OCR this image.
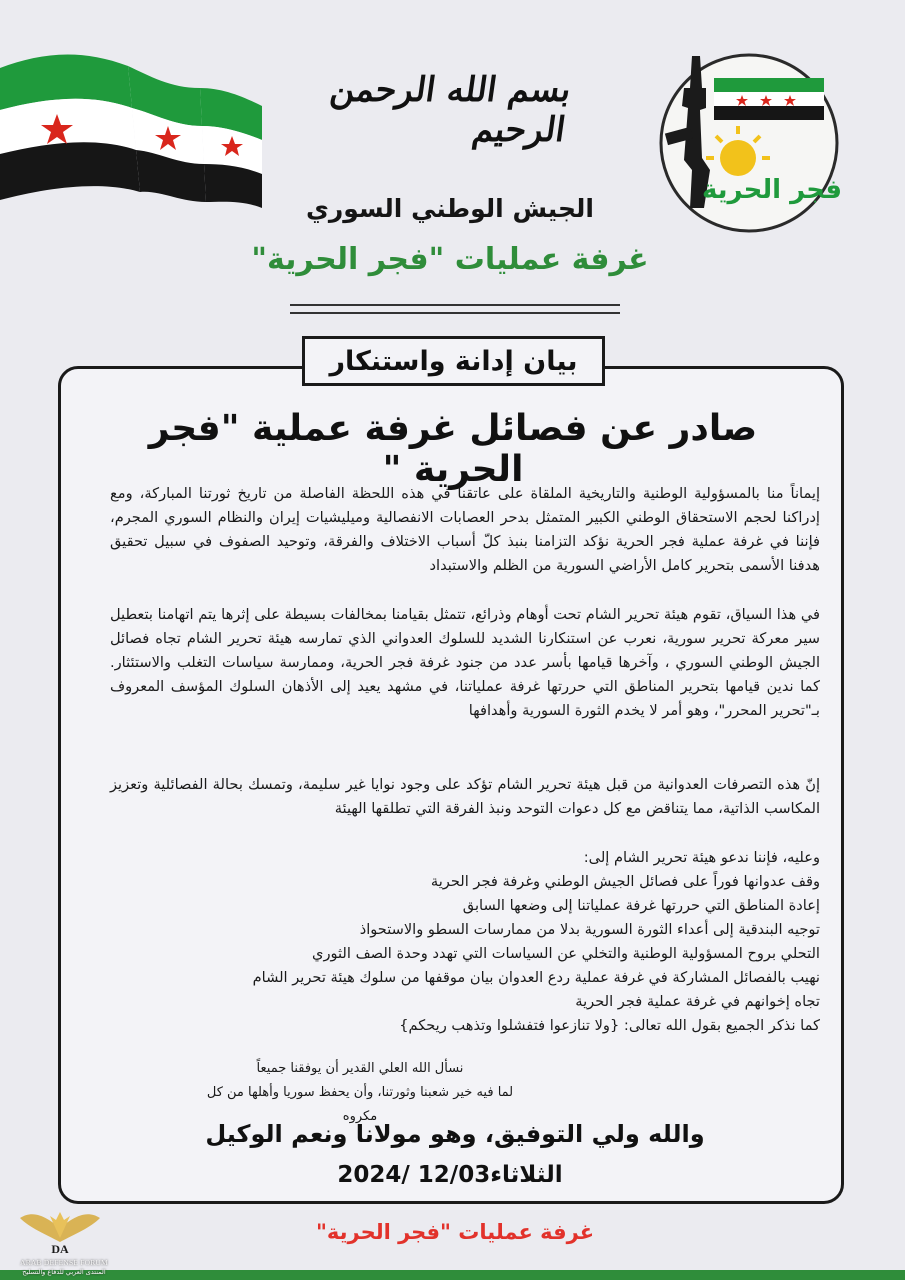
بسم الله الرحمن الرحيم
فجر الحرية
الجيش الوطني السوري
غرفة عمليات "فجر الحرية"
بيان إدانة واستنكار
صادر عن فصائل غرفة عملية "فجر الحرية "
إيماناً منا بالمسؤولية الوطنية والتاريخية الملقاة على عاتقنا في هذه اللحظة الفاصلة من تاريخ ثورتنا المباركة، ومع إدراكنا لحجم الاستحقاق الوطني الكبير المتمثل بدحر العصابات الانفصالية وميليشيات إيران والنظام السوري المجرم، فإننا في غرفة عملية فجر الحرية نؤكد التزامنا بنبذ كلّ أسباب الاختلاف والفرقة، وتوحيد الصفوف في سبيل تحقيق هدفنا الأسمى بتحرير كامل الأراضي السورية من الظلم والاستبداد
في هذا السياق، تقوم هيئة تحرير الشام تحت أوهام وذرائع، تتمثل بقيامنا بمخالفات بسيطة على إثرها يتم اتهامنا بتعطيل سير معركة تحرير سورية، نعرب عن استنكارنا الشديد للسلوك العدواني الذي تمارسه هيئة تحرير الشام تجاه فصائل الجيش الوطني السوري ، وآخرها قيامها بأسر عدد من جنود غرفة فجر الحرية، وممارسة سياسات التغلب والاستئثار. كما ندين قيامها بتحرير المناطق التي حررتها غرفة عملياتنا، في مشهد يعيد إلى الأذهان السلوك المؤسف المعروف بـ"تحرير المحرر"، وهو أمر لا يخدم الثورة السورية وأهدافها
إنّ هذه التصرفات العدوانية من قبل هيئة تحرير الشام تؤكد على وجود نوايا غير سليمة، وتمسك بحالة الفصائلية وتعزيز المكاسب الذاتية، مما يتناقض مع كل دعوات التوحد ونبذ الفرقة التي تطلقها الهيئة
وعليه، فإننا ندعو هيئة تحرير الشام إلى:
وقف عدوانها فوراً على فصائل الجيش الوطني وغرفة فجر الحرية
إعادة المناطق التي حررتها غرفة عملياتنا إلى وضعها السابق
توجيه البندقية إلى أعداء الثورة السورية بدلا من ممارسات السطو والاستحواذ
التحلي بروح المسؤولية الوطنية والتخلي عن السياسات التي تهدد وحدة الصف الثوري
نهيب بالفصائل المشاركة في غرفة عملية ردع العدوان بيان موقفها من سلوك هيئة تحرير الشام
تجاه إخوانهم في غرفة عملية فجر الحرية
كما نذكر الجميع بقول الله تعالى: {ولا تنازعوا فتفشلوا وتذهب ريحكم}
نسأل الله العلي القدير أن يوفقنا جميعاً
لما فيه خير شعبنا وثورتنا، وأن يحفظ سوريا وأهلها من كل مكروه
والله ولي التوفيق، وهو مولانا ونعم الوكيل
الثلاثاء12/03 /2024
غرفة عمليات "فجر الحرية"
DA
ARAB DEFENSE FORUM
المنتدى العربي للدفاع والتسليح
